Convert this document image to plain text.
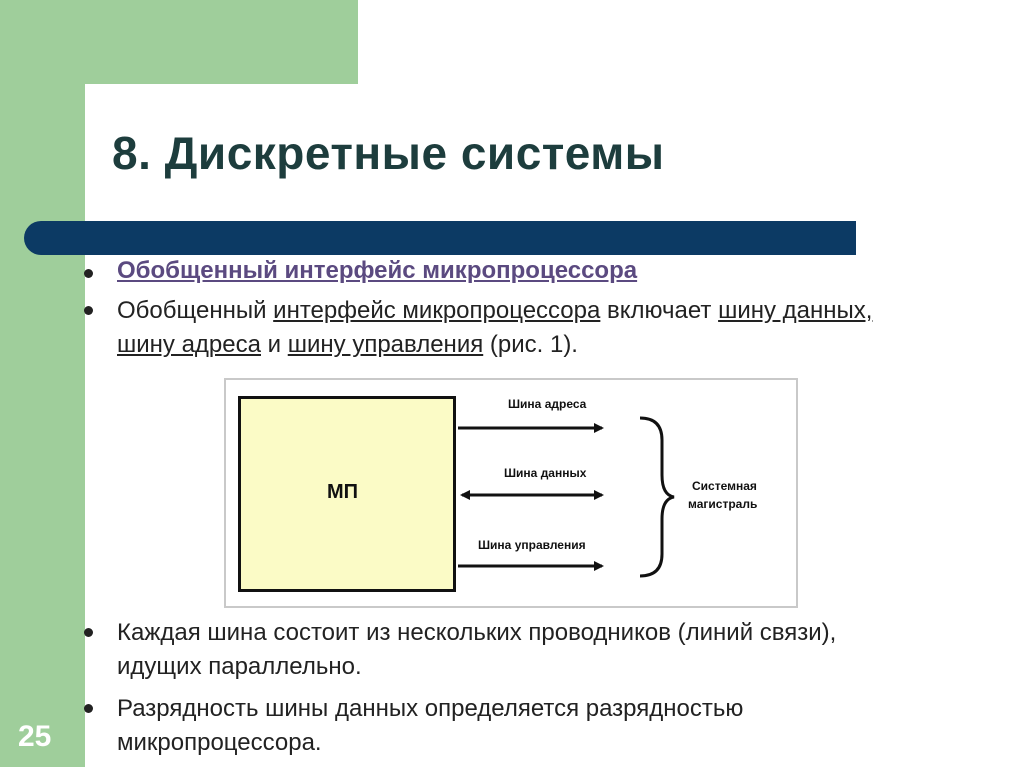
8. Дискретные системы

Обобщенный интерфейс микропроцессора

Обобщенный интерфейс микропроцессора включает шину данных,

шину адреса и шину управления (рис. 1).

МП
Шина адреса
Шина данных
Шина управления
Системная
магистраль

Каждая шина состоит из нескольких проводников (линий связи),

идущих параллельно.

Разрядность шины данных определяется разрядностью

микропроцессора.

25
